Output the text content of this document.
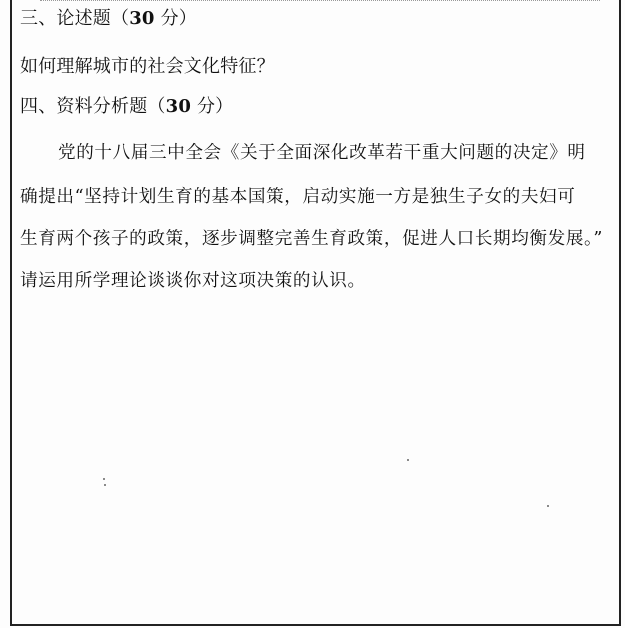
三、论述题（30 分）
如何理解城市的社会文化特征？
四、资料分析题（30 分）
党的十八届三中全会《关于全面深化改革若干重大问题的决定》明
确提出“坚持计划生育的基本国策，启动实施一方是独生子女的夫妇可
生育两个孩子的政策，逐步调整完善生育政策，促进人口长期均衡发展。”
请运用所学理论谈谈你对这项决策的认识。
